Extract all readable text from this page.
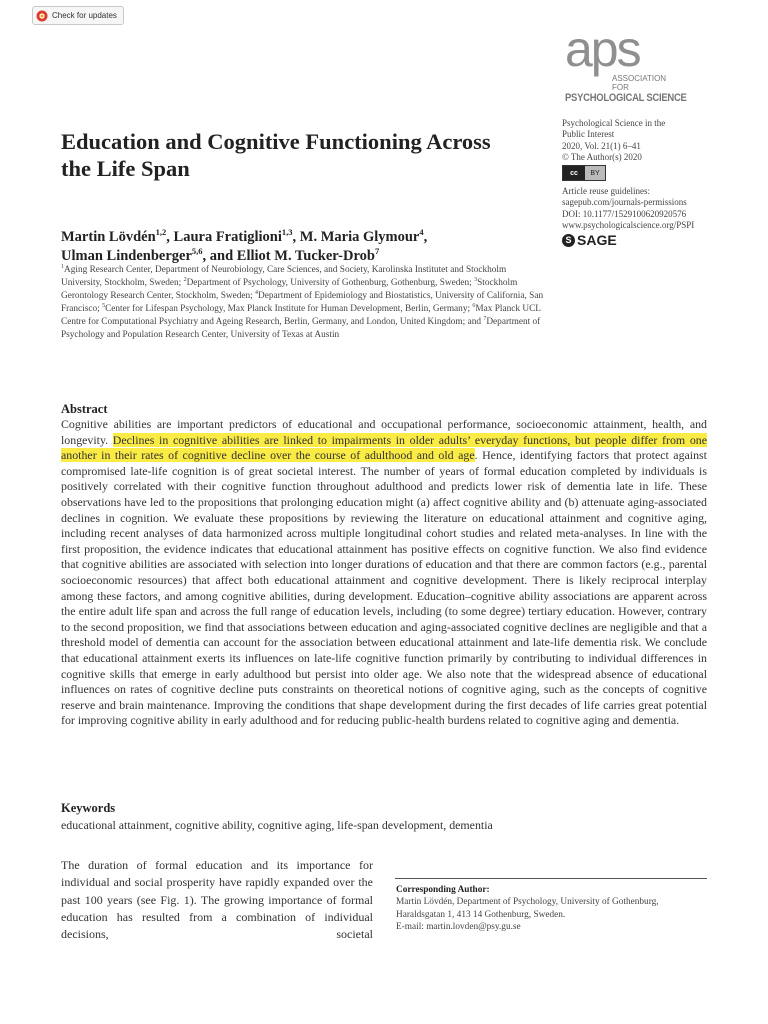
Check for updates
aps
ASSOCIATION FOR
PSYCHOLOGICAL SCIENCE
Education and Cognitive Functioning Across the Life Span
Psychological Science in the
Public Interest
2020, Vol. 21(1) 6–41
© The Author(s) 2020
cc	BY
Article reuse guidelines:
sagepub.com/journals-permissions
DOI: 10.1177/1529100620920576
www.psychologicalscience.org/PSPI
S SAGE
Martin Lövdén$^{1,2}$, Laura Fratiglioni$^{1,3}$, M. Maria Glymour$^4$,
Ulman Lindenberger$^{5,6}$, and Elliot M. Tucker-Drob$^7$
$^1$Aging Research Center, Department of Neurobiology, Care Sciences, and Society, Karolinska Institutet and Stockholm University, Stockholm, Sweden; $^2$Department of Psychology, University of Gothenburg, Gothenburg, Sweden; $^3$Stockholm Gerontology Research Center, Stockholm, Sweden; $^4$Department of Epidemiology and Biostatistics, University of California, San Francisco; $^5$Center for Lifespan Psychology, Max Planck Institute for Human Development, Berlin, Germany; $^6$Max Planck UCL Centre for Computational Psychiatry and Ageing Research, Berlin, Germany, and London, United Kingdom; and $^7$Department of Psychology and Population Research Center, University of Texas at Austin
Abstract

Cognitive abilities are important predictors of educational and occupational performance, socioeconomic attainment, health, and longevity. Declines in cognitive abilities are linked to impairments in older adults’ everyday functions, but people differ from one another in their rates of cognitive decline over the course of adulthood and old age. Hence, identifying factors that protect against compromised late-life cognition is of great societal interest. The number of years of formal education completed by individuals is positively correlated with their cognitive function throughout adulthood and predicts lower risk of dementia late in life. These observations have led to the propositions that prolonging education might (a) affect cognitive ability and (b) attenuate aging-associated declines in cognition. We evaluate these propositions by reviewing the literature on educational attainment and cognitive aging, including recent analyses of data harmonized across multiple longitudinal cohort studies and related meta-analyses. In line with the first proposition, the evidence indicates that educational attainment has positive effects on cognitive function. We also find evidence that cognitive abilities are associated with selection into longer durations of education and that there are common factors (e.g., parental socioeconomic resources) that affect both educational attainment and cognitive development. There is likely reciprocal interplay among these factors, and among cognitive abilities, during development. Education–cognitive ability associations are apparent across the entire adult life span and across the full range of education levels, including (to some degree) tertiary education. However, contrary to the second proposition, we find that associations between education and aging-associated cognitive declines are negligible and that a threshold model of dementia can account for the association between educational attainment and late-life dementia risk. We conclude that educational attainment exerts its influences on late-life cognitive function primarily by contributing to individual differences in cognitive skills that emerge in early adulthood but persist into older age. We also note that the widespread absence of educational influences on rates of cognitive decline puts constraints on theoretical notions of cognitive aging, such as the concepts of cognitive reserve and brain maintenance. Improving the conditions that shape development during the first decades of life carries great potential for improving cognitive ability in early adulthood and for reducing public-health burdens related to cognitive aging and dementia.

Keywords
educational attainment, cognitive ability, cognitive aging, life-span development, dementia

The duration of formal education and its importance for individual and social prosperity have rapidly expanded over the past 100 years (see Fig. 1). The growing importance of formal education has resulted from a combination of individual decisions, societal

Corresponding Author:
Martin Lövdén, Department of Psychology, University of Gothenburg,
Haraldsgatan 1, 413 14 Gothenburg, Sweden.
E-mail: martin.lovden@psy.gu.se
